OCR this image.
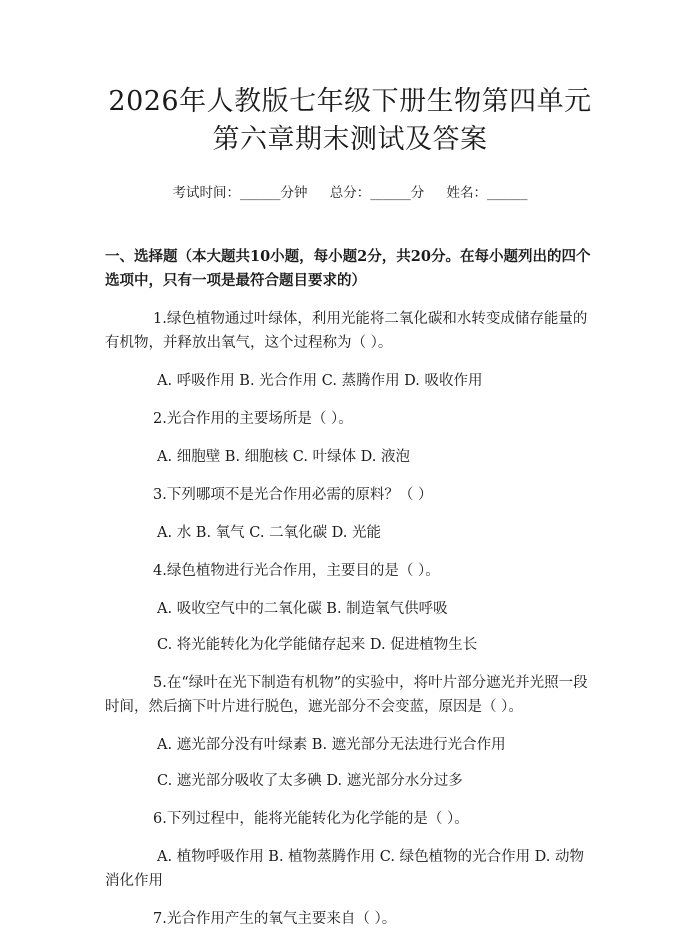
2026年人教版七年级下册生物第四单元第六章期末测试及答案
考试时间：______分钟 总分：______分 姓名：______
一、选择题（本大题共10小题，每小题2分，共20分。在每小题列出的四个选项中，只有一项是最符合题目要求的）
1.绿色植物通过叶绿体，利用光能将二氧化碳和水转变成储存能量的有机物，并释放出氧气，这个过程称为（ ）。
A. 呼吸作用 B. 光合作用 C. 蒸腾作用 D. 吸收作用
2.光合作用的主要场所是（ ）。
A. 细胞壁 B. 细胞核 C. 叶绿体 D. 液泡
3.下列哪项不是光合作用必需的原料？（ ）
A. 水 B. 氧气 C. 二氧化碳 D. 光能
4.绿色植物进行光合作用，主要目的是（ ）。
A. 吸收空气中的二氧化碳 B. 制造氧气供呼吸
C. 将光能转化为化学能储存起来 D. 促进植物生长
5.在“绿叶在光下制造有机物”的实验中，将叶片部分遮光并光照一段时间，然后摘下叶片进行脱色，遮光部分不会变蓝，原因是（ ）。
A. 遮光部分没有叶绿素 B. 遮光部分无法进行光合作用
C. 遮光部分吸收了太多碘 D. 遮光部分水分过多
6.下列过程中，能将光能转化为化学能的是（ ）。
A. 植物呼吸作用 B. 植物蒸腾作用 C. 绿色植物的光合作用 D. 动物消化作用
7.光合作用产生的氧气主要来自（ ）。
